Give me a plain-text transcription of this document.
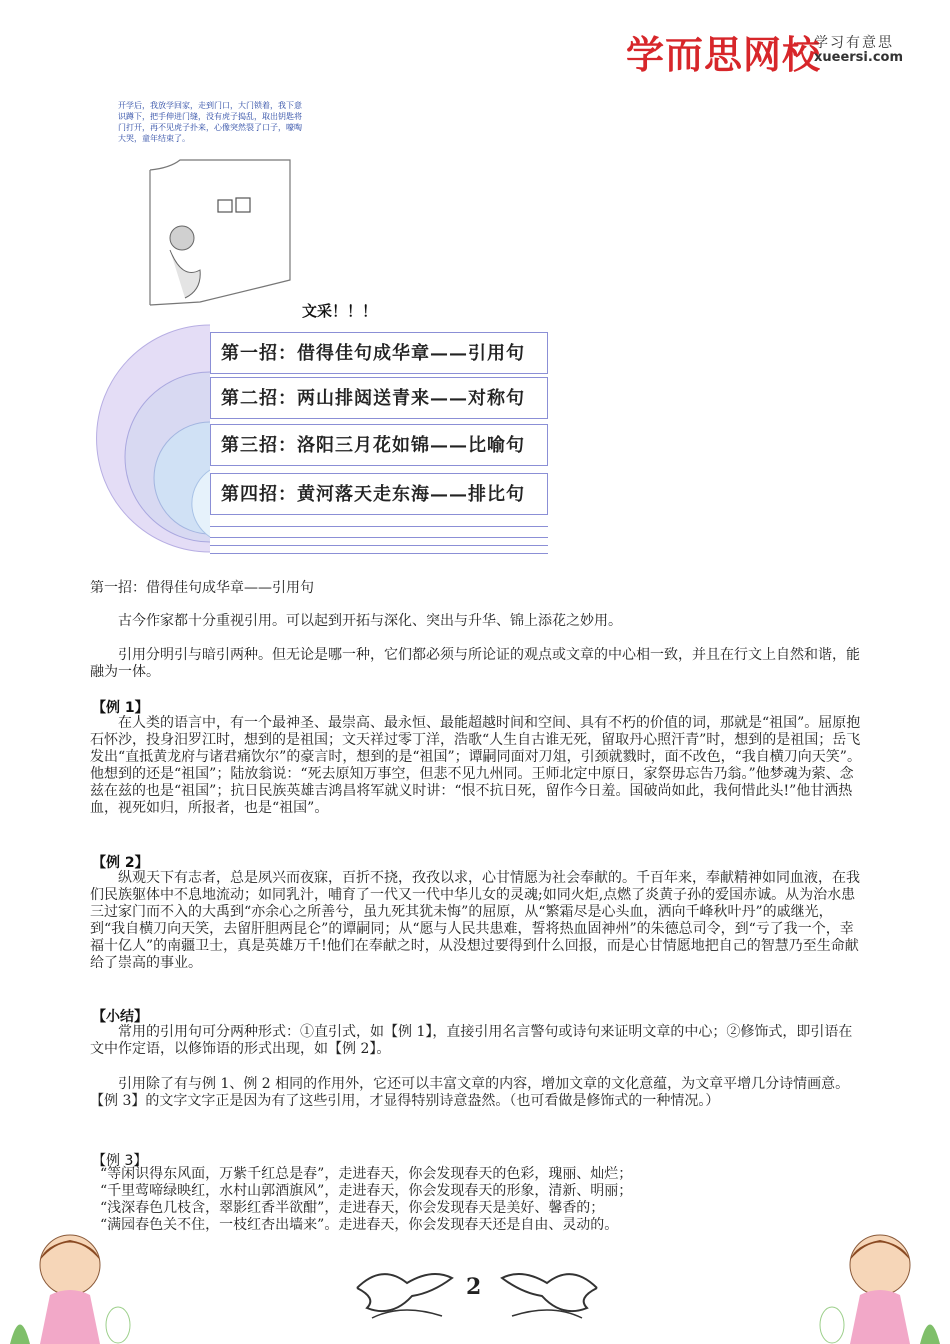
学而思网校
学习有意思
xueersi.com
开学后，我放学回家，走到门口，大门锁着，我下意识蹲下，把手伸进门缝，没有虎子捣乱，取出钥匙将门打开，再不见虎子扑来，心像突然裂了口子，嚎啕大哭，童年结束了。
文采！！！
第一招：借得佳句成华章——引用句
第二招：两山排闼送青来——对称句
第三招：洛阳三月花如锦——比喻句
第四招：黄河落天走东海——排比句
第一招：借得佳句成华章——引用句
古今作家都十分重视引用。可以起到开拓与深化、突出与升华、锦上添花之妙用。
引用分明引与暗引两种。但无论是哪一种，它们都必须与所论证的观点或文章的中心相一致，并且在行文上自然和谐，能融为一体。
【例 1】
在人类的语言中，有一个最神圣、最崇高、最永恒、最能超越时间和空间、具有不朽的价值的词，那就是“祖国”。屈原抱石怀沙，投身汨罗江时，想到的是祖国；文天祥过零丁洋，浩歌“人生自古谁无死，留取丹心照汗青”时，想到的是祖国；岳飞发出“直抵黄龙府与诸君痛饮尔”的豪言时，想到的是“祖国”；谭嗣同面对刀俎，引颈就戮时，面不改色，“我自横刀向天笑”。他想到的还是“祖国”；陆放翁说：“死去原知万事空，但悲不见九州同。王师北定中原日，家祭毋忘告乃翁。”他梦魂为萦、念兹在兹的也是“祖国”；抗日民族英雄吉鸿昌将军就义时讲：“恨不抗日死，留作今日羞。国破尚如此，我何惜此头!”他甘洒热血，视死如归，所报者，也是“祖国”。
【例 2】
纵观天下有志者，总是夙兴而夜寐，百折不挠，孜孜以求，心甘情愿为社会奉献的。千百年来，奉献精神如同血液，在我们民族躯体中不息地流动；如同乳汁，哺育了一代又一代中华儿女的灵魂;如同火炬,点燃了炎黄子孙的爱国赤诚。从为治水患三过家门而不入的大禹到“亦余心之所善兮，虽九死其犹未悔”的屈原，从“繁霜尽是心头血，洒向千峰秋叶丹”的戚继光，到“我自横刀向天笑，去留肝胆两昆仑”的谭嗣同；从“愿与人民共患难，誓将热血固神州”的朱德总司令，到“亏了我一个，幸福十亿人”的南疆卫士，真是英雄万千!他们在奉献之时，从没想过要得到什么回报，而是心甘情愿地把自己的智慧乃至生命献给了崇高的事业。
【小结】
常用的引用句可分两种形式：①直引式，如【例 1】，直接引用名言警句或诗句来证明文章的中心；②修饰式，即引语在文中作定语，以修饰语的形式出现，如【例 2】。
引用除了有与例 1、例 2 相同的作用外，它还可以丰富文章的内容，增加文章的文化意蕴，为文章平增几分诗情画意。【例 3】的文字文字正是因为有了这些引用，才显得特别诗意盎然。（也可看做是修饰式的一种情况。）
【例 3】
“等闲识得东风面，万紫千红总是春”，走进春天，你会发现春天的色彩，瑰丽、灿烂；
“千里莺啼绿映红，水村山郭酒旗风”，走进春天，你会发现春天的形象，清新、明丽；
“浅深春色几枝含，翠影红香半欲酣”，走进春天，你会发现春天是美好、馨香的；
“满园春色关不住，一枝红杏出墙来”。走进春天，你会发现春天还是自由、灵动的。
2
